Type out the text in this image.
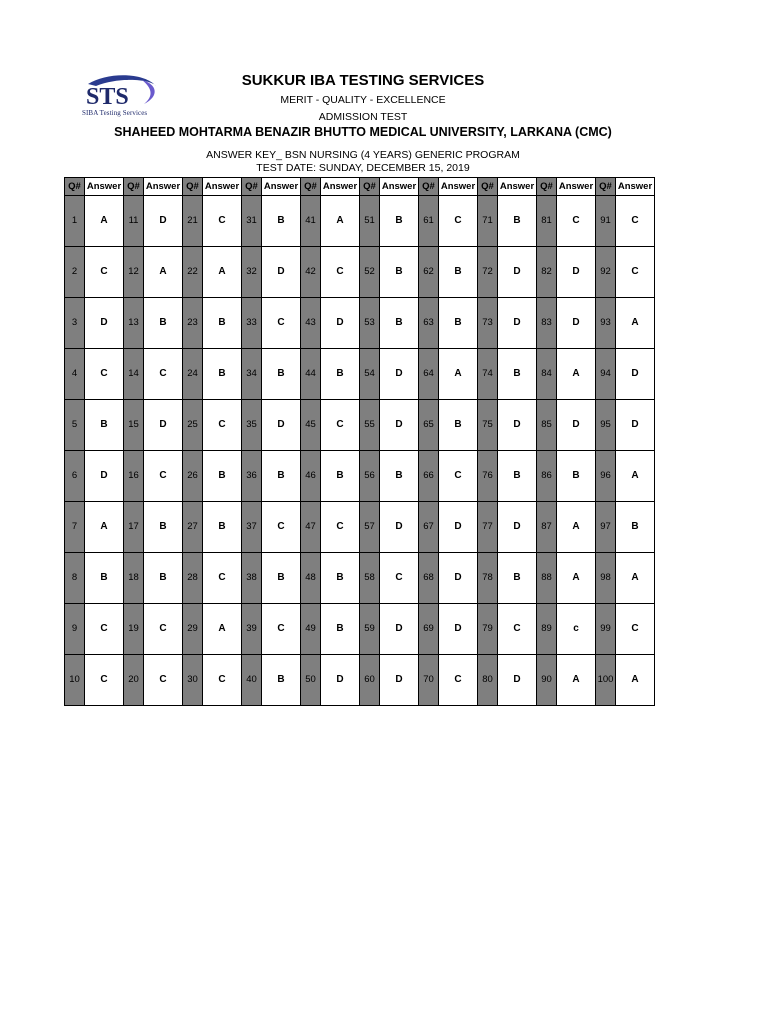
STS
SIBA Testing Services
SUKKUR IBA TESTING SERVICES
MERIT - QUALITY - EXCELLENCE
ADMISSION TEST
SHAHEED MOHTARMA BENAZIR BHUTTO MEDICAL UNIVERSITY, LARKANA (CMC)
ANSWER KEY_ BSN NURSING (4 YEARS) GENERIC PROGRAM
TEST DATE: SUNDAY, DECEMBER 15, 2019
Q#	Answer	Q#	Answer	Q#	Answer	Q#	Answer	Q#	Answer	Q#	Answer	Q#	Answer	Q#	Answer	Q#	Answer	Q#	Answer
1	A	11	D	21	C	31	B	41	A	51	B	61	C	71	B	81	C	91	C
2	C	12	A	22	A	32	D	42	C	52	B	62	B	72	D	82	D	92	C
3	D	13	B	23	B	33	C	43	D	53	B	63	B	73	D	83	D	93	A
4	C	14	C	24	B	34	B	44	B	54	D	64	A	74	B	84	A	94	D
5	B	15	D	25	C	35	D	45	C	55	D	65	B	75	D	85	D	95	D
6	D	16	C	26	B	36	B	46	B	56	B	66	C	76	B	86	B	96	A
7	A	17	B	27	B	37	C	47	C	57	D	67	D	77	D	87	A	97	B
8	B	18	B	28	C	38	B	48	B	58	C	68	D	78	B	88	A	98	A
9	C	19	C	29	A	39	C	49	B	59	D	69	D	79	C	89	c	99	C
10	C	20	C	30	C	40	B	50	D	60	D	70	C	80	D	90	A	100	A
